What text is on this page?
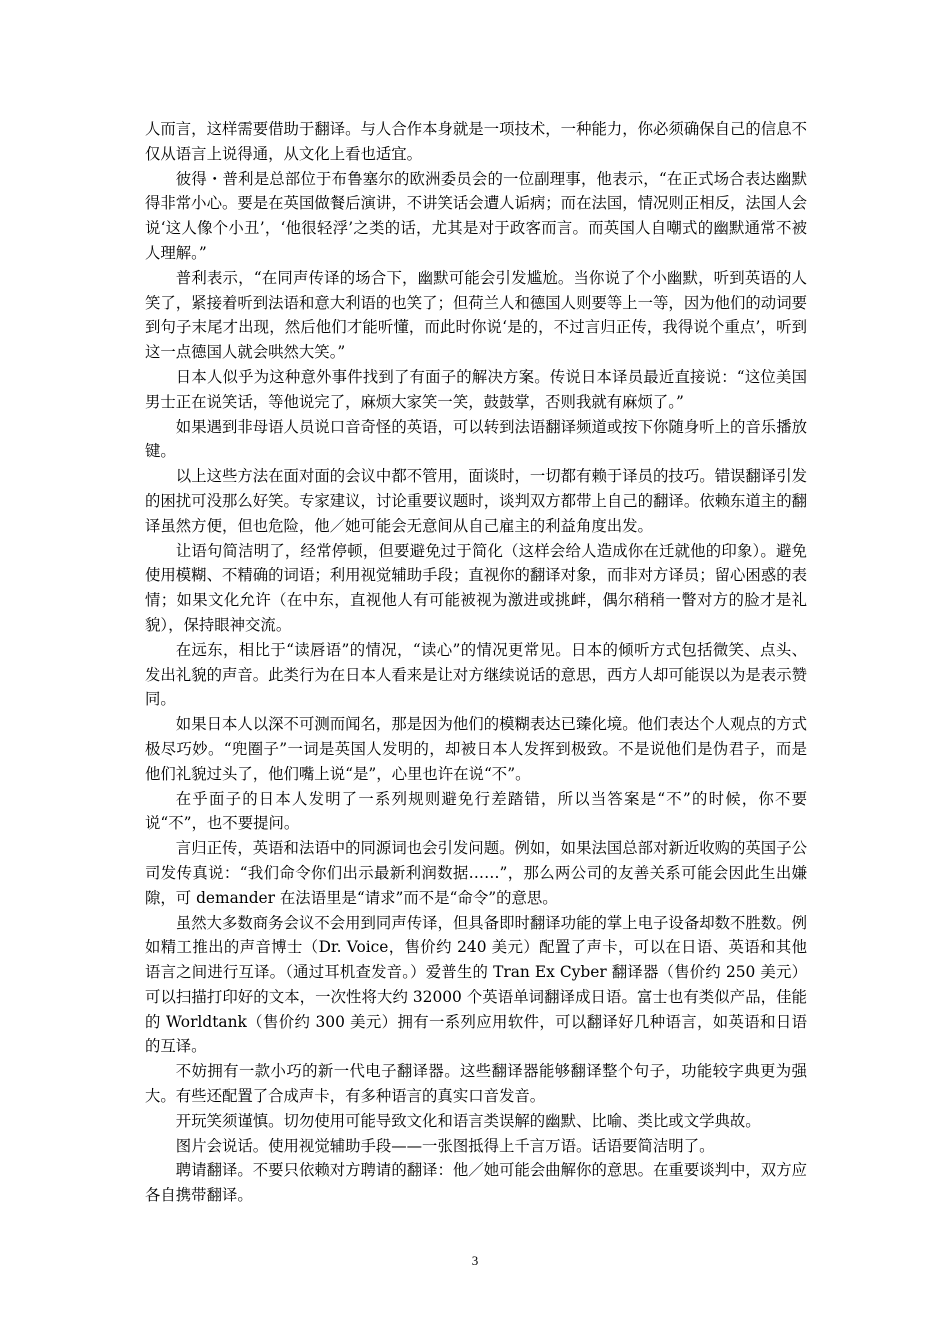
人而言，这样需要借助于翻译。与人合作本身就是一项技术，一种能力，你必须确保自己的信息不仅从语言上说得通，从文化上看也适宜。

彼得・普利是总部位于布鲁塞尔的欧洲委员会的一位副理事，他表示，“在正式场合表达幽默得非常小心。要是在英国做餐后演讲，不讲笑话会遭人诟病；而在法国，情况则正相反，法国人会说‘这人像个小丑’，‘他很轻浮’之类的话，尤其是对于政客而言。而英国人自嘲式的幽默通常不被人理解。”

普利表示，“在同声传译的场合下，幽默可能会引发尴尬。当你说了个小幽默，听到英语的人笑了，紧接着听到法语和意大利语的也笑了；但荷兰人和德国人则要等上一等，因为他们的动词要到句子末尾才出现，然后他们才能听懂，而此时你说‘是的，不过言归正传，我得说个重点’，听到这一点德国人就会哄然大笑。”

日本人似乎为这种意外事件找到了有面子的解决方案。传说日本译员最近直接说：“这位美国男士正在说笑话，等他说完了，麻烦大家笑一笑，鼓鼓掌，否则我就有麻烦了。”

如果遇到非母语人员说口音奇怪的英语，可以转到法语翻译频道或按下你随身听上的音乐播放键。

以上这些方法在面对面的会议中都不管用，面谈时，一切都有赖于译员的技巧。错误翻译引发的困扰可没那么好笑。专家建议，讨论重要议题时，谈判双方都带上自己的翻译。依赖东道主的翻译虽然方便，但也危险，他／她可能会无意间从自己雇主的利益角度出发。

让语句简洁明了，经常停顿，但要避免过于简化（这样会给人造成你在迁就他的印象）。避免使用模糊、不精确的词语；利用视觉辅助手段；直视你的翻译对象，而非对方译员；留心困惑的表情；如果文化允许（在中东，直视他人有可能被视为激进或挑衅，偶尔稍稍一瞥对方的脸才是礼貌），保持眼神交流。

在远东，相比于“读唇语”的情况，“读心”的情况更常见。日本的倾听方式包括微笑、点头、发出礼貌的声音。此类行为在日本人看来是让对方继续说话的意思，西方人却可能误以为是表示赞同。

如果日本人以深不可测而闻名，那是因为他们的模糊表达已臻化境。他们表达个人观点的方式极尽巧妙。“兜圈子”一词是英国人发明的，却被日本人发挥到极致。不是说他们是伪君子，而是他们礼貌过头了，他们嘴上说“是”，心里也许在说“不”。

在乎面子的日本人发明了一系列规则避免行差踏错，所以当答案是“不”的时候，你不要说“不”，也不要提问。

言归正传，英语和法语中的同源词也会引发问题。例如，如果法国总部对新近收购的英国子公司发传真说：“我们命令你们出示最新利润数据……”，那么两公司的友善关系可能会因此生出嫌隙，可 demander 在法语里是“请求”而不是“命令”的意思。

虽然大多数商务会议不会用到同声传译，但具备即时翻译功能的掌上电子设备却数不胜数。例如精工推出的声音博士（Dr. Voice，售价约 240 美元）配置了声卡，可以在日语、英语和其他语言之间进行互译。（通过耳机查发音。）爱普生的 Tran Ex Cyber 翻译器（售价约 250 美元）可以扫描打印好的文本，一次性将大约 32000 个英语单词翻译成日语。富士也有类似产品，佳能的 Worldtank（售价约 300 美元）拥有一系列应用软件，可以翻译好几种语言，如英语和日语的互译。

不妨拥有一款小巧的新一代电子翻译器。这些翻译器能够翻译整个句子，功能较字典更为强大。有些还配置了合成声卡，有多种语言的真实口音发音。

开玩笑须谨慎。切勿使用可能导致文化和语言类误解的幽默、比喻、类比或文学典故。

图片会说话。使用视觉辅助手段——一张图抵得上千言万语。话语要简洁明了。

聘请翻译。不要只依赖对方聘请的翻译：他／她可能会曲解你的意思。在重要谈判中，双方应各自携带翻译。

3
